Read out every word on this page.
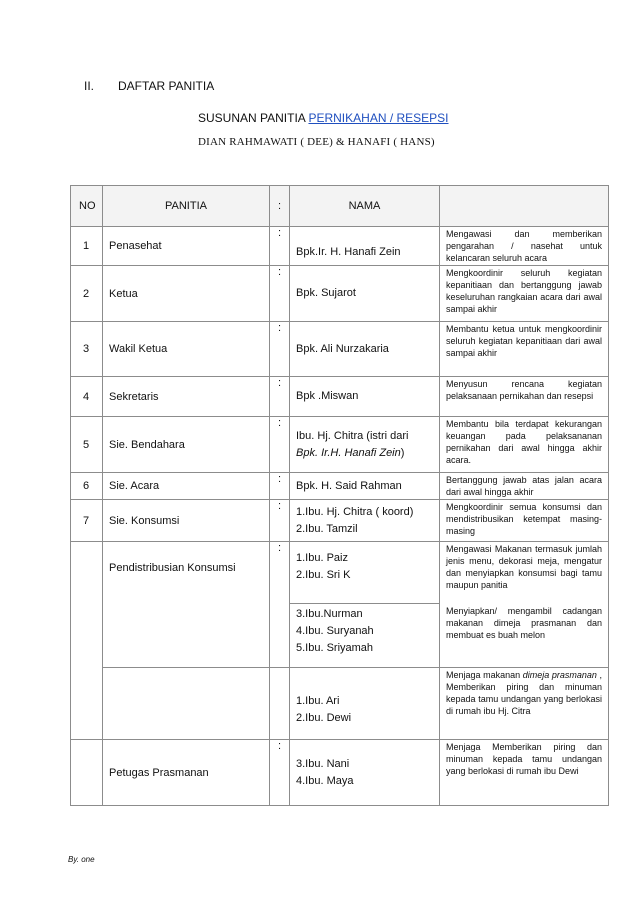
II. DAFTAR PANITIA
SUSUNAN PANITIA PERNIKAHAN / RESEPSI
DIAN RAHMAWATI ( DEE) & HANAFI ( HANS)
NO	PANITIA	:	NAMA	
1	Penasehat	:	Bpk.Ir. H. Hanafi Zein	Mengawasi dan memberikan pengarahan / nasehat untuk kelancaran seluruh acara
2	Ketua	:	Bpk. Sujarot	Mengkoordinir seluruh kegiatan kepanitiaan dan bertanggung jawab keseluruhan rangkaian acara dari awal sampai akhir
3	Wakil Ketua	:	Bpk. Ali Nurzakaria	Membantu ketua untuk mengkoordinir seluruh kegiatan kepanitiaan dari awal sampai akhir
4	Sekretaris	:	Bpk .Miswan	Menyusun rencana kegiatan pelaksanaan pernikahan dan resepsi
5	Sie. Bendahara	:	Ibu. Hj. Chitra (istri dari
Bpk. Ir.H. Hanafi Zein)	Membantu bila terdapat kekurangan keuangan pada pelaksananan pernikahan dari awal hingga akhir acara.
6	Sie. Acara	:	Bpk. H. Said Rahman	Bertanggung jawab atas jalan acara dari awal hingga akhir
7	Sie. Konsumsi	:	1.Ibu. Hj. Chitra ( koord)
2.Ibu. Tamzil	Mengkoordinir semua konsumsi dan mendistribusikan ketempat masing-masing
	Pendistribusian Konsumsi	:	1.Ibu. Paiz
2.Ibu. Sri K	Mengawasi Makanan termasuk jumlah jenis menu, dekorasi meja, mengatur dan menyiapkan konsumsi bagi tamu maupun panitia

			3.Ibu.Nurman
4.Ibu. Suryanah
5.Ibu. Sriyamah	Menyiapkan/ mengambil cadangan makanan dimeja prasmanan dan membuat es buah melon

			1.Ibu. Ari
2.Ibu. Dewi	Menjaga makanan dimeja prasmanan , Memberikan piring dan minuman kepada tamu undangan yang berlokasi di rumah ibu Hj. Citra
	Petugas Prasmanan	:	3.Ibu. Nani
4.Ibu. Maya	Menjaga Memberikan piring dan minuman kepada tamu undangan yang berlokasi di rumah ibu Dewi
By. one
